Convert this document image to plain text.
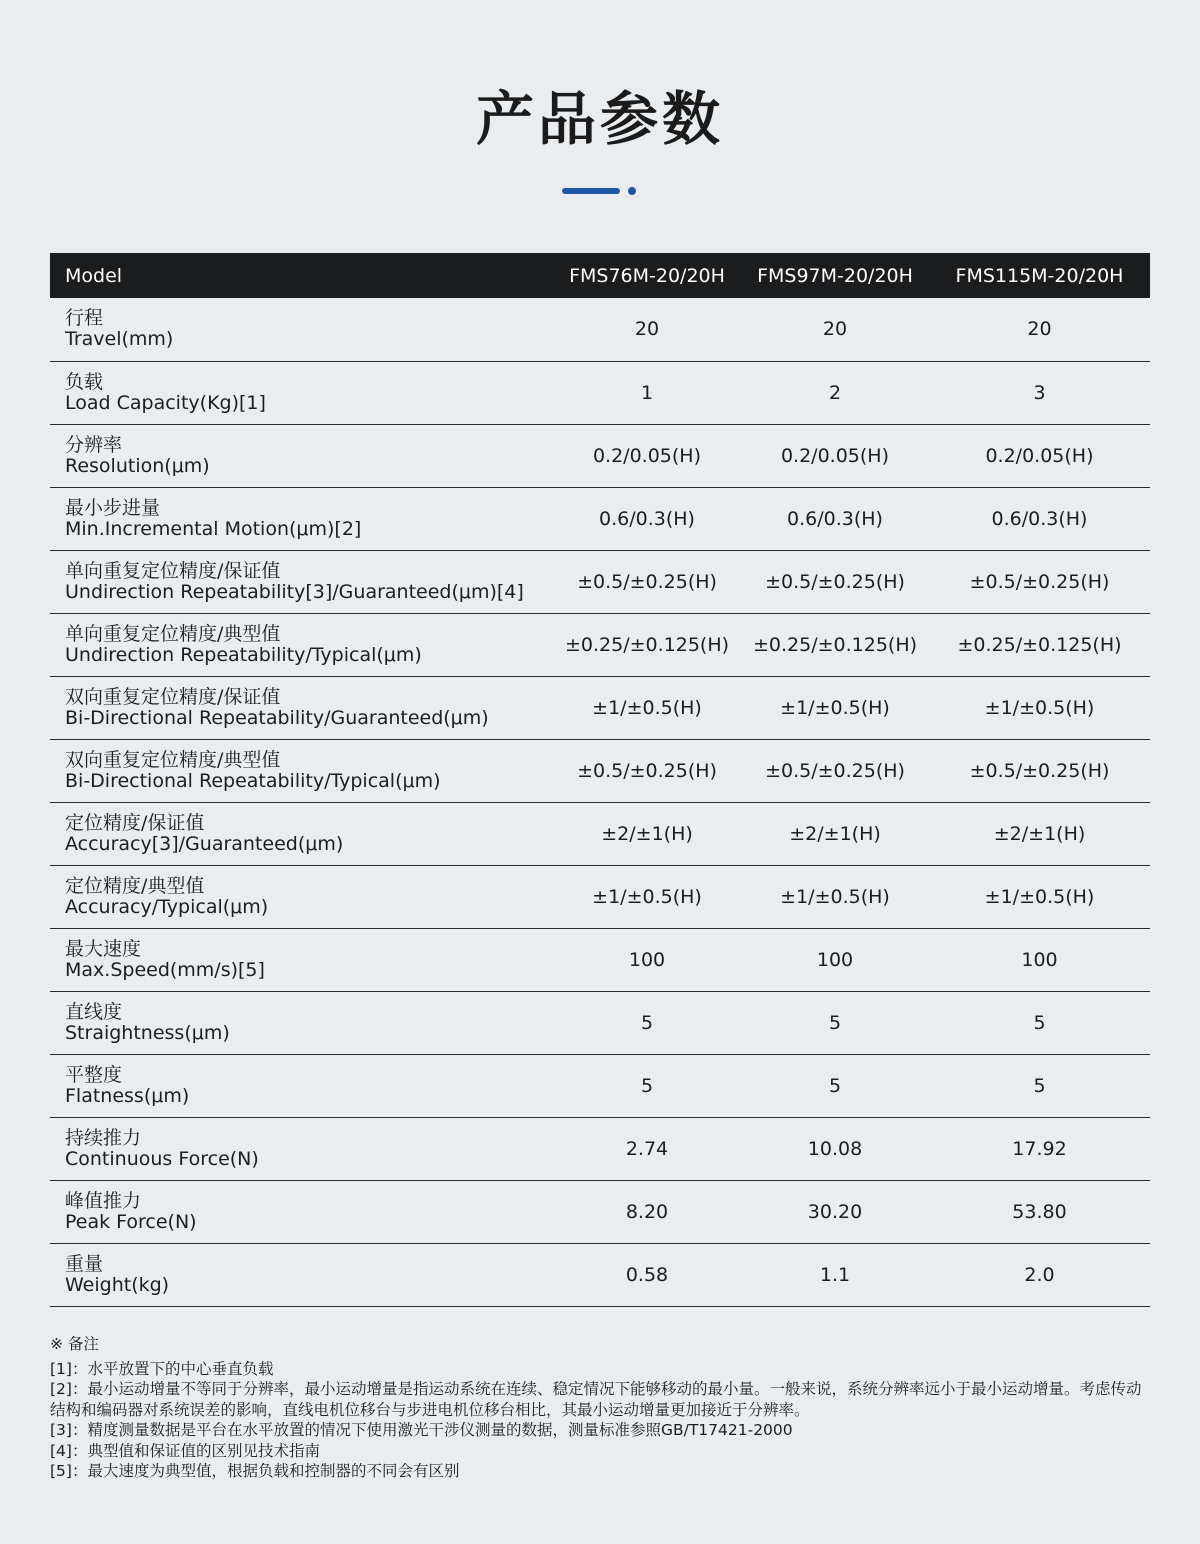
产品参数
Model	FMS76M-20/20H	FMS97M-20/20H	FMS115M-20/20H

行程
Travel(mm)	20	20	20

负载
Load Capacity(Kg)[1]	1	2	3

分辨率
Resolution(μm)	0.2/0.05(H)	0.2/0.05(H)	0.2/0.05(H)

最小步进量
Min.Incremental Motion(μm)[2]	0.6/0.3(H)	0.6/0.3(H)	0.6/0.3(H)

单向重复定位精度/保证值
Undirection Repeatability[3]/Guaranteed(μm)[4]	±0.5/±0.25(H)	±0.5/±0.25(H)	±0.5/±0.25(H)

单向重复定位精度/典型值
Undirection Repeatability/Typical(μm)	±0.25/±0.125(H)	±0.25/±0.125(H)	±0.25/±0.125(H)

双向重复定位精度/保证值
Bi-Directional Repeatability/Guaranteed(μm)	±1/±0.5(H)	±1/±0.5(H)	±1/±0.5(H)

双向重复定位精度/典型值
Bi-Directional Repeatability/Typical(μm)	±0.5/±0.25(H)	±0.5/±0.25(H)	±0.5/±0.25(H)

定位精度/保证值
Accuracy[3]/Guaranteed(μm)	±2/±1(H)	±2/±1(H)	±2/±1(H)

定位精度/典型值
Accuracy/Typical(μm)	±1/±0.5(H)	±1/±0.5(H)	±1/±0.5(H)

最大速度
Max.Speed(mm/s)[5]	100	100	100

直线度
Straightness(μm)	5	5	5

平整度
Flatness(μm)	5	5	5

持续推力
Continuous Force(N)	2.74	10.08	17.92

峰值推力
Peak Force(N)	8.20	30.20	53.80

重量
Weight(kg)	0.58	1.1	2.0

※ 备注

[1]：水平放置下的中心垂直负载

[2]：最小运动增量不等同于分辨率，最小运动增量是指运动系统在连续、稳定情况下能够移动的最小量。一般来说，系统分辨率远小于最小运动增量。考虑传动结构和编码器对系统误差的影响，直线电机位移台与步进电机位移台相比，其最小运动增量更加接近于分辨率。

[3]：精度测量数据是平台在水平放置的情况下使用激光干涉仪测量的数据，测量标准参照GB/T17421-2000

[4]：典型值和保证值的区别见技术指南

[5]：最大速度为典型值，根据负载和控制器的不同会有区别
